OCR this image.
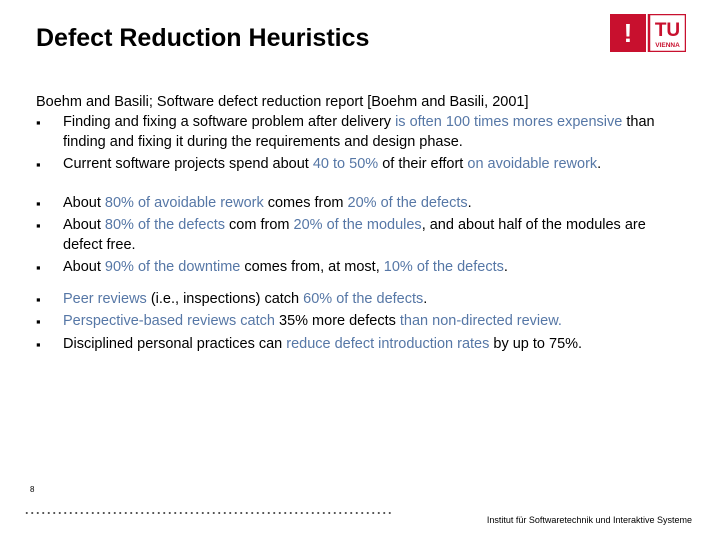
Defect Reduction Heuristics	! TU
VIENNA
Boehm and Basili; Software defect reduction report [Boehm and Basili, 2001]
▪ Finding and fixing a software problem after delivery is often 100 times mores expensive than finding and fixing it during the requirements and design phase.
▪ Current software projects spend about 40 to 50% of their effort on avoidable rework.
▪ About 80% of avoidable rework comes from 20% of the defects.
▪ About 80% of the defects com from 20% of the modules, and about half of the modules are defect free.
▪ About 90% of the downtime comes from, at most, 10% of the defects.
▪ Peer reviews (i.e., inspections) catch 60% of the defects.
▪ Perspective-based reviews catch 35% more defects than non-directed review.
▪ Disciplined personal practices can reduce defect introduction rates by up to 75%.
8
Institut für Softwaretechnik und Interaktive Systeme
